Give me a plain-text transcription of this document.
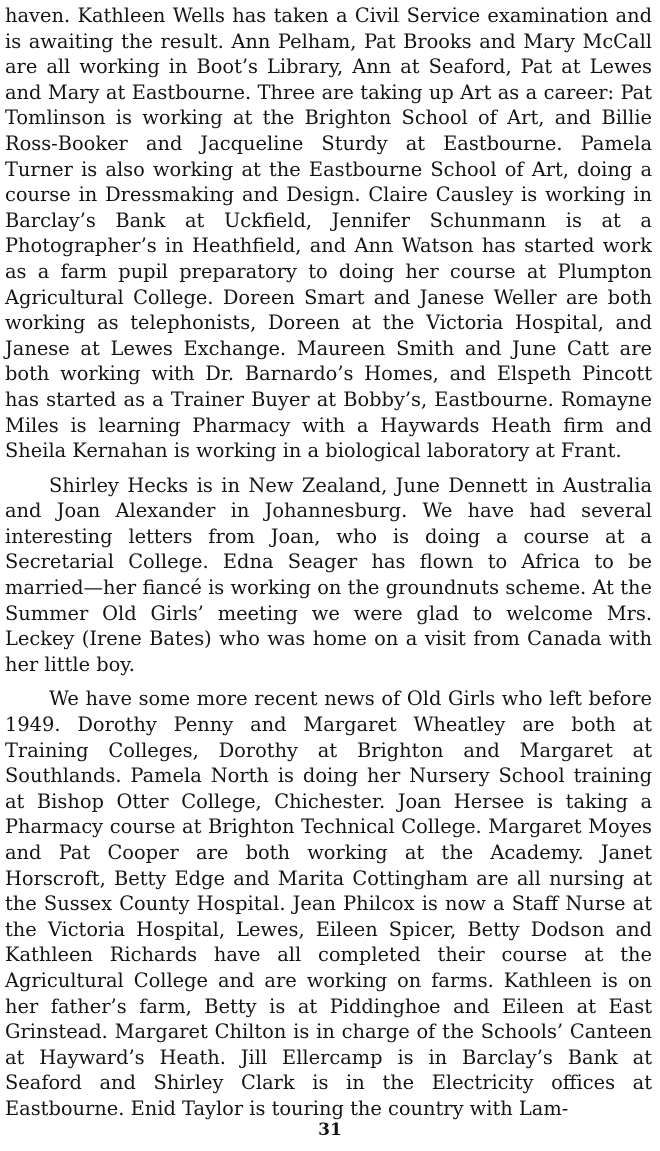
haven. Kathleen Wells has taken a Civil Service examination and is awaiting the result. Ann Pelham, Pat Brooks and Mary McCall are all working in Boot’s Library, Ann at Seaford, Pat at Lewes and Mary at Eastbourne. Three are taking up Art as a career: Pat Tomlinson is working at the Brighton School of Art, and Billie Ross-Booker and Jacqueline Sturdy at Eastbourne. Pamela Turner is also working at the Eastbourne School of Art, doing a course in Dressmaking and Design. Claire Causley is working in Barclay’s Bank at Uckfield, Jennifer Schunmann is at a Photographer’s in Heathfield, and Ann Watson has started work as a farm pupil preparatory to doing her course at Plumpton Agricultural College. Doreen Smart and Janese Weller are both working as telephonists, Doreen at the Victoria Hospital, and Janese at Lewes Exchange. Maureen Smith and June Catt are both working with Dr. Barnardo’s Homes, and Elspeth Pincott has started as a Trainer Buyer at Bobby’s, Eastbourne. Romayne Miles is learning Pharmacy with a Haywards Heath firm and Sheila Kernahan is working in a biological laboratory at Frant.

Shirley Hecks is in New Zealand, June Dennett in Australia and Joan Alexander in Johannesburg. We have had several interesting letters from Joan, who is doing a course at a Secretarial College. Edna Seager has flown to Africa to be married—her fiancé is working on the groundnuts scheme. At the Summer Old Girls’ meeting we were glad to welcome Mrs. Leckey (Irene Bates) who was home on a visit from Canada with her little boy.

We have some more recent news of Old Girls who left before 1949. Dorothy Penny and Margaret Wheatley are both at Training Colleges, Dorothy at Brighton and Margaret at Southlands. Pamela North is doing her Nursery School training at Bishop Otter College, Chichester. Joan Hersee is taking a Pharmacy course at Brighton Technical College. Margaret Moyes and Pat Cooper are both working at the Academy. Janet Horscroft, Betty Edge and Marita Cottingham are all nursing at the Sussex County Hospital. Jean Philcox is now a Staff Nurse at the Victoria Hospital, Lewes, Eileen Spicer, Betty Dodson and Kathleen Richards have all completed their course at the Agricultural College and are working on farms. Kathleen is on her father’s farm, Betty is at Piddinghoe and Eileen at East Grinstead. Margaret Chilton is in charge of the Schools’ Canteen at Hayward’s Heath. Jill Ellercamp is in Barclay’s Bank at Seaford and Shirley Clark is in the Electricity offices at Eastbourne. Enid Taylor is touring the country with Lam-

31
